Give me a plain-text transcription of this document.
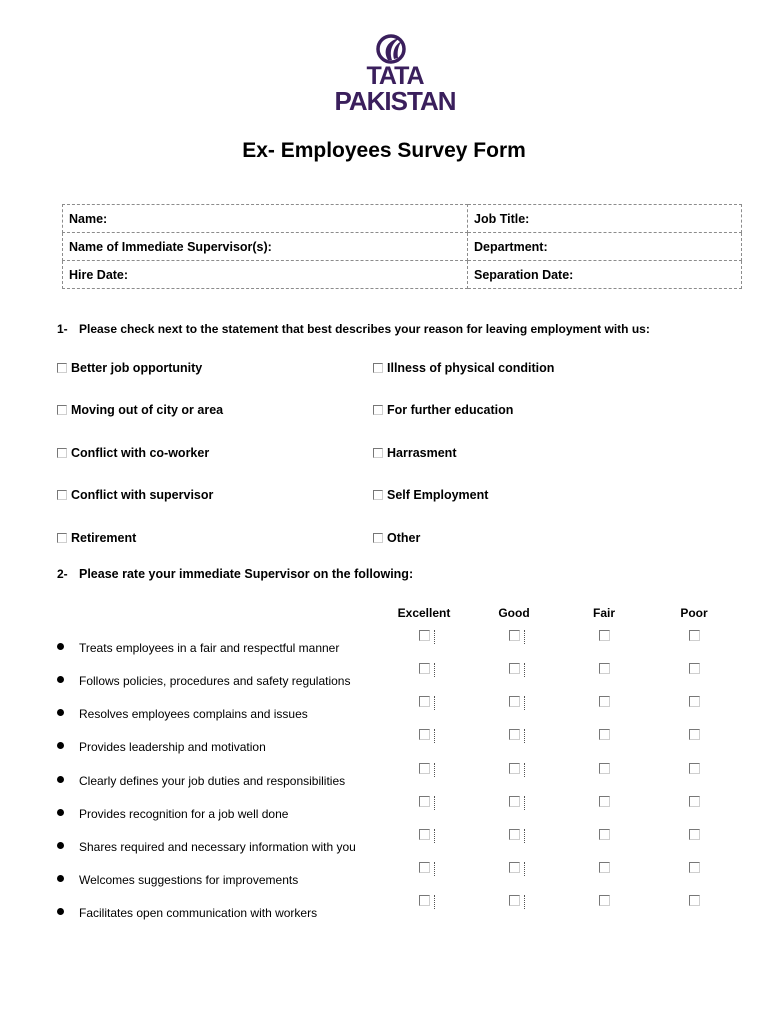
TATA
PAKISTAN
Ex- Employees Survey Form
Name:	Job Title:
Name of Immediate Supervisor(s):	Department:
Hire Date:	Separation Date:
1- Please check next to the statement that best describes your reason for leaving employment with us:
Better job opportunity	Illness of physical condition
Moving out of city or area	For further education
Conflict with co-worker	Harrasment
Conflict with supervisor	Self Employment
Retirement	Other
2- Please rate your immediate Supervisor on the following:
Excellent	Good	Fair	Poor
Treats employees in a fair and respectful manner
Follows policies, procedures and safety regulations
Resolves employees complains and issues
Provides leadership and motivation
Clearly defines your job duties and responsibilities
Provides recognition for a job well done
Shares required and necessary information with you
Welcomes suggestions for improvements
Facilitates open communication with workers
